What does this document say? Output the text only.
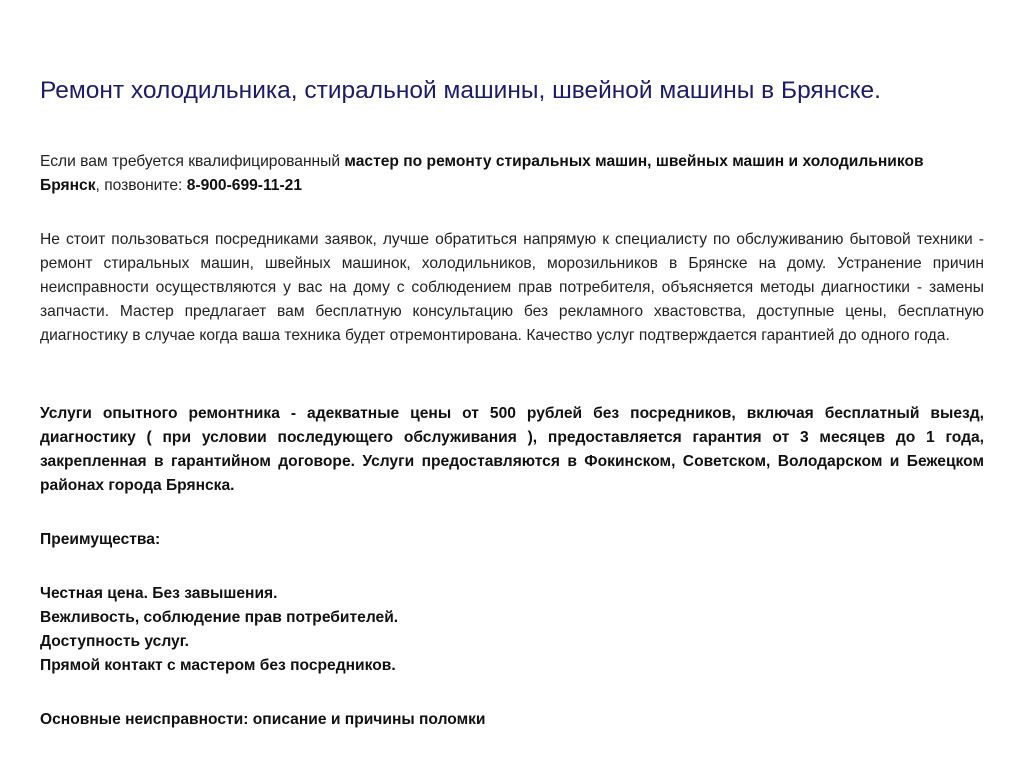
Ремонт холодильника, стиральной машины, швейной машины в Брянске.

Если вам требуется квалифицированный мастер по ремонту стиральных машин, швейных машин и холодильников Брянск, позвоните: 8-900-699-11-21

Не стоит пользоваться посредниками заявок, лучше обратиться напрямую к специалисту по обслуживанию бытовой техники - ремонт стиральных машин, швейных машинок, холодильников, морозильников в Брянске на дому. Устранение причин неисправности осуществляются у вас на дому с соблюдением прав потребителя, объясняется методы диагностики - замены запчасти. Мастер предлагает вам бесплатную консультацию без рекламного хвастовства, доступные цены, бесплатную диагностику в случае когда ваша техника будет отремонтирована. Качество услуг подтверждается гарантией до одного года.

Услуги опытного ремонтника - адекватные цены от 500 рублей без посредников, включая бесплатный выезд, диагностику ( при условии последующего обслуживания ), предоставляется гарантия от 3 месяцев до 1 года, закрепленная в гарантийном договоре. Услуги предоставляются в Фокинском, Советском, Володарском и Бежецком районах города Брянска.

Преимущества:

Честная цена. Без завышения.
Вежливость, соблюдение прав потребителей.
Доступность услуг.
Прямой контакт с мастером без посредников.

Основные неисправности: описание и причины поломки
